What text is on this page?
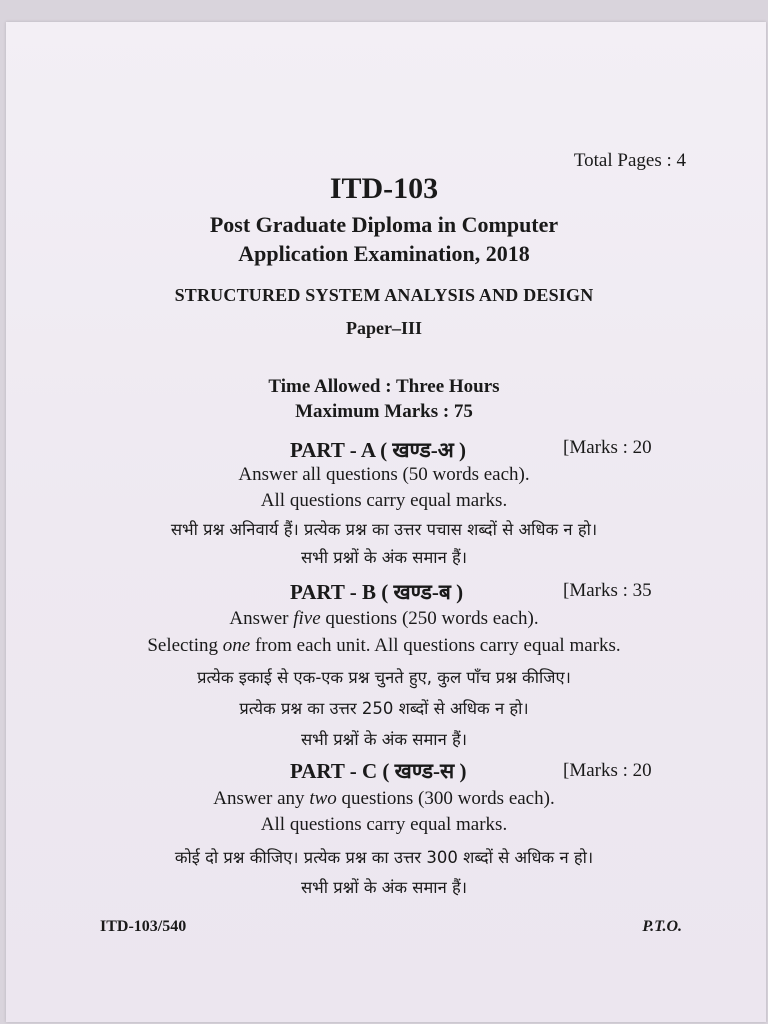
Total Pages : 4
ITD-103
Post Graduate Diploma in Computer
Application Examination, 2018
STRUCTURED SYSTEM ANALYSIS AND DESIGN
Paper–III
Time Allowed : Three Hours
Maximum Marks : 75
PART - A ( खण्ड-अ )	[Marks : 20
Answer all questions (50 words each).
All questions carry equal marks.
सभी प्रश्न अनिवार्य हैं। प्रत्येक प्रश्न का उत्तर पचास शब्दों से अधिक न हो।
सभी प्रश्नों के अंक समान हैं।
PART - B ( खण्ड-ब )	[Marks : 35
Answer five questions (250 words each).
Selecting one from each unit. All questions carry equal marks.
प्रत्येक इकाई से एक-एक प्रश्न चुनते हुए, कुल पाँच प्रश्न कीजिए।
प्रत्येक प्रश्न का उत्तर 250 शब्दों से अधिक न हो।
सभी प्रश्नों के अंक समान हैं।
PART - C ( खण्ड-स )	[Marks : 20
Answer any two questions (300 words each).
All questions carry equal marks.
कोई दो प्रश्न कीजिए। प्रत्येक प्रश्न का उत्तर 300 शब्दों से अधिक न हो।
सभी प्रश्नों के अंक समान हैं।
ITD-103/540	P.T.O.
